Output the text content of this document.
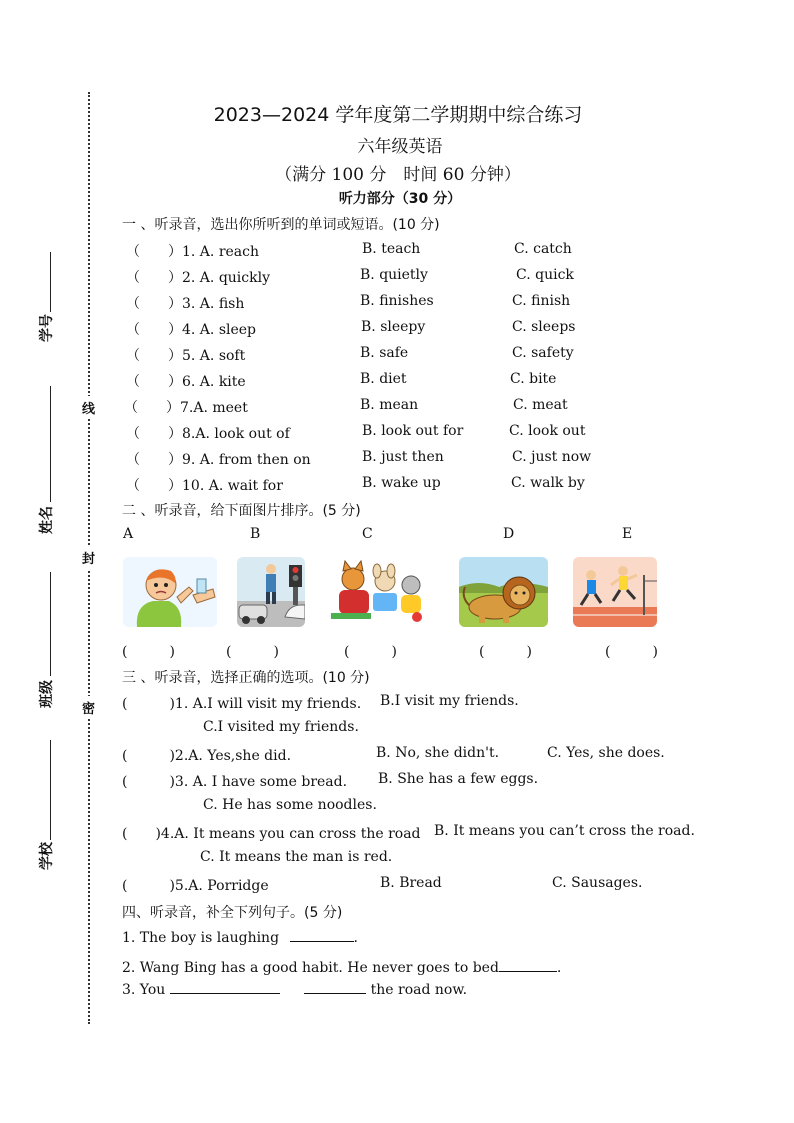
线
封
密
学号
姓名
班级
学校
2023—2024 学年度第二学期期中综合练习
六年级英语
（满分 100 分　时间 60 分钟）
听力部分（30 分）
一 、听录音，选出你所听到的单词或短语。(10 分)
（　　）1. A. reach	B. teach	C. catch
（　　）2. A. quickly	B. quietly	C. quick
（　　）3. A. fish	B. finishes	C. finish
（　　）4. A. sleep	B. sleepy	C. sleeps
（　　）5. A. soft	B. safe	C. safety
（　　）6. A. kite	B. diet	C. bite
（　　）7.A. meet	B. mean	C. meat
（　　）8.A. look out of	B. look out for	C. look out
（　　）9. A. from then on	B. just then	C. just now
（　　）10. A. wait for	B. wake up	C. walk by
二 、听录音，给下面图片排序。(5 分)
A	B	C	D	E
(　　　)	(　　　)	(　　　)	(　　　)	(　　　)
三 、听录音，选择正确的选项。(10 分)
(　　　)1. A.I will visit my friends. B.I visit my friends.
C.I visited my friends.
(　　　)2.A. Yes,she did.	B. No, she didn't.	C. Yes, she does.
(　　　)3. A. I have some bread. B. She has a few eggs.
C. He has some noodles.
(　　)4.A. It means you can cross the road B. It means you can’t cross the road.
C. It means the man is red.
(　　　)5.A. Porridge	B. Bread	C. Sausages.
四、听录音，补全下列句子。(5 分)
1. The boy is laughing	.
2. Wang Bing has a good habit. He never goes to bed	.
3. You	the road now.
